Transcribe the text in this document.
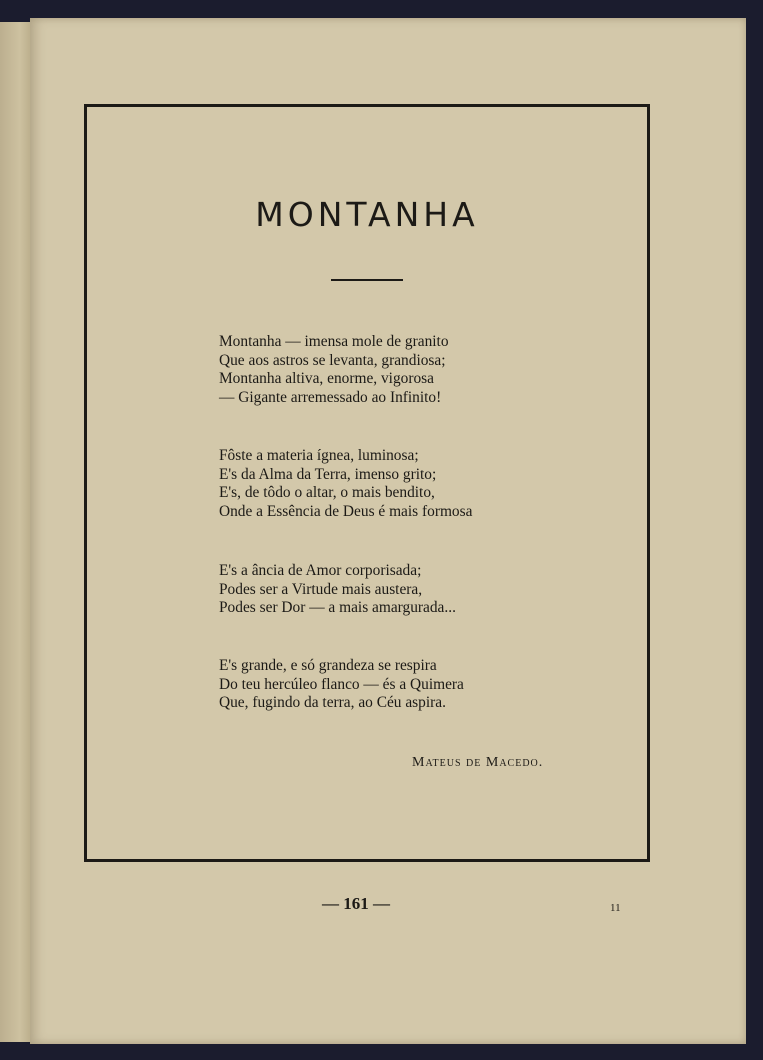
MONTANHA
Montanha — imensa mole de granito
Que aos astros se levanta, grandiosa;
Montanha altiva, enorme, vigorosa
— Gigante arremessado ao Infinito!
Fôste a materia ígnea, luminosa;
E's da Alma da Terra, imenso grito;
E's, de tôdo o altar, o mais bendito,
Onde a Essência de Deus é mais formosa
E's a ância de Amor corporisada;
Podes ser a Virtude mais austera,
Podes ser Dor — a mais amargurada...
E's grande, e só grandeza se respira
Do teu hercúleo flanco — és a Quimera
Que, fugindo da terra, ao Céu aspira.
Mateus de Macedo.
— 161 —	11
